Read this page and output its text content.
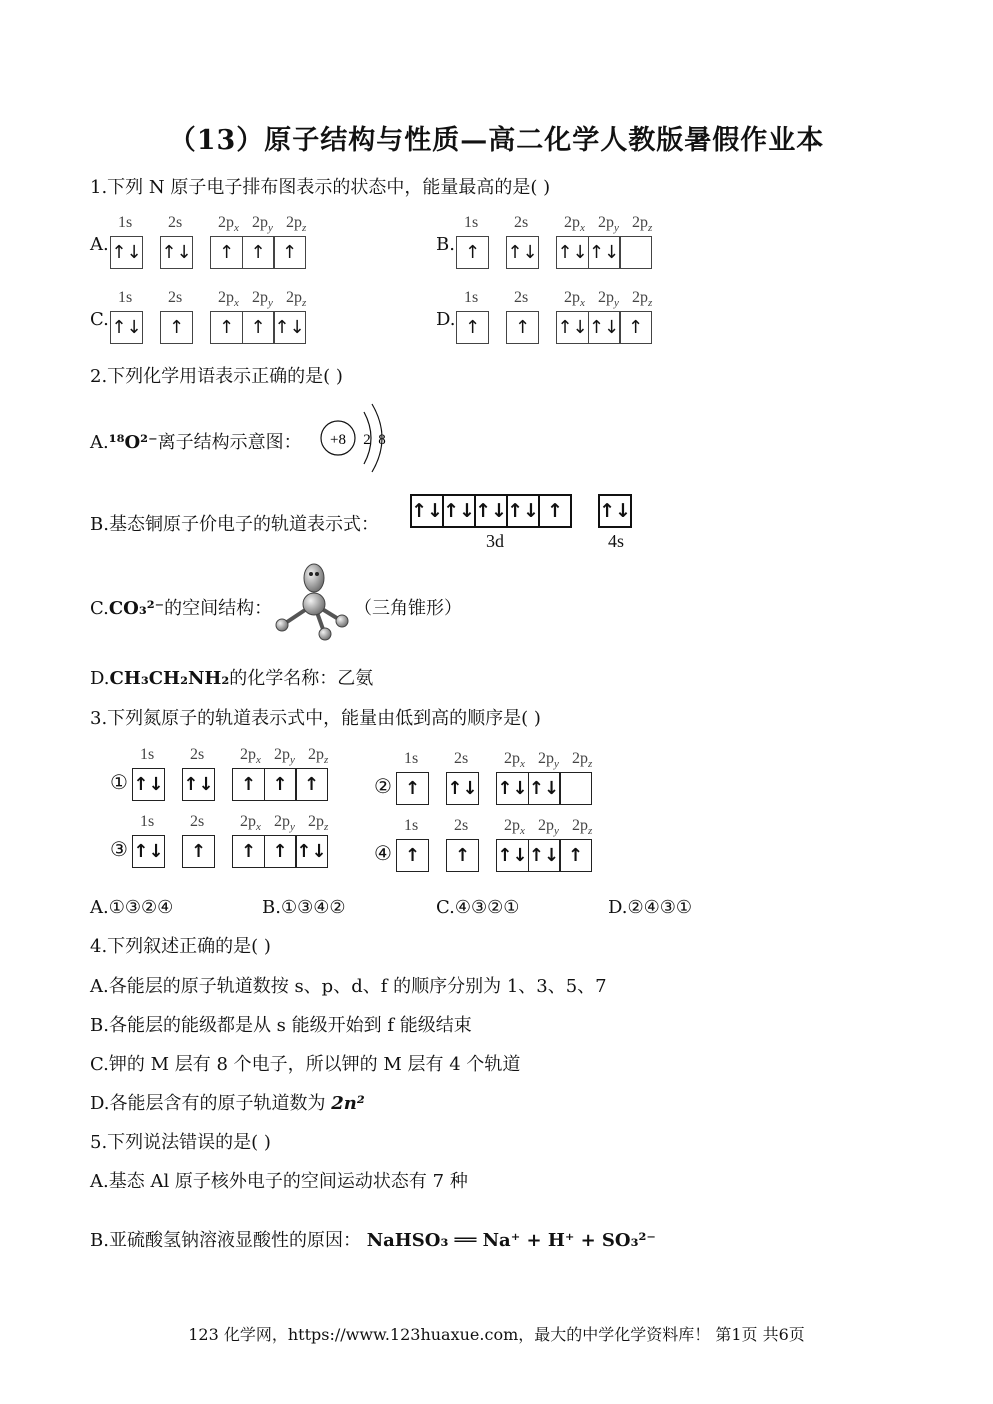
（13）原子结构与性质—高二化学人教版暑假作业本
1.下列 N 原子电子排布图表示的状态中，能量最高的是( )
A.
1s 2s $2p_x$ $2p_y$ $2p_z$
↑↓ ↑↓	↑ ↑ ↑	B.
1s 2s $2p_x$ $2p_y$ $2p_z$
↑	↑↓ ↑↓ ↑↓
C.
1s 2s $2p_x$ $2p_y$ $2p_z$
↑↓	↑	↑ ↑ ↑↓	D.
1s 2s $2p_x$ $2p_y$ $2p_z$
↑	↑	↑↓ ↑↓ ↑
2.下列化学用语表示正确的是( )
A.¹⁸O²⁻离子结构示意图： +8 2 8
B.基态铜原子价电子的轨道表示式：
↑↓ ↑↓ ↑↓ ↑↓ ↑	↑↓
3d	4s
C.CO₃²⁻的空间结构：	（三角锥形）
D.CH₃CH₂NH₂的化学名称：乙氨
3.下列氮原子的轨道表示式中，能量由低到高的顺序是( )
①
1s 2s $2p_x$ $2p_y$ $2p_z$
↑↓ ↑↓	↑ ↑ ↑	②
1s 2s $2p_x$ $2p_y$ $2p_z$
↑	↑↓ ↑↓ ↑↓
③
1s 2s $2p_x$ $2p_y$ $2p_z$
↑↓	↑	↑ ↑ ↑↓ ④
1s 2s $2p_x$ $2p_y$ $2p_z$
↑	↑	↑↓ ↑↓ ↑
A.①③②④	B.①③④②	C.④③②①	D.②④③①
4.下列叙述正确的是( )
A.各能层的原子轨道数按 s、p、d、f 的顺序分别为 1、3、5、7
B.各能层的能级都是从 s 能级开始到 f 能级结束
C.钾的 M 层有 8 个电子，所以钾的 M 层有 4 个轨道
D.各能层含有的原子轨道数为 2n²
5.下列说法错误的是( )
A.基态 Al 原子核外电子的空间运动状态有 7 种
B.亚硫酸氢钠溶液显酸性的原因： NaHSO₃ ══ Na⁺ + H⁺ + SO₃²⁻
123 化学网，https://www.123huaxue.com，最大的中学化学资料库！ 第1页 共6页
